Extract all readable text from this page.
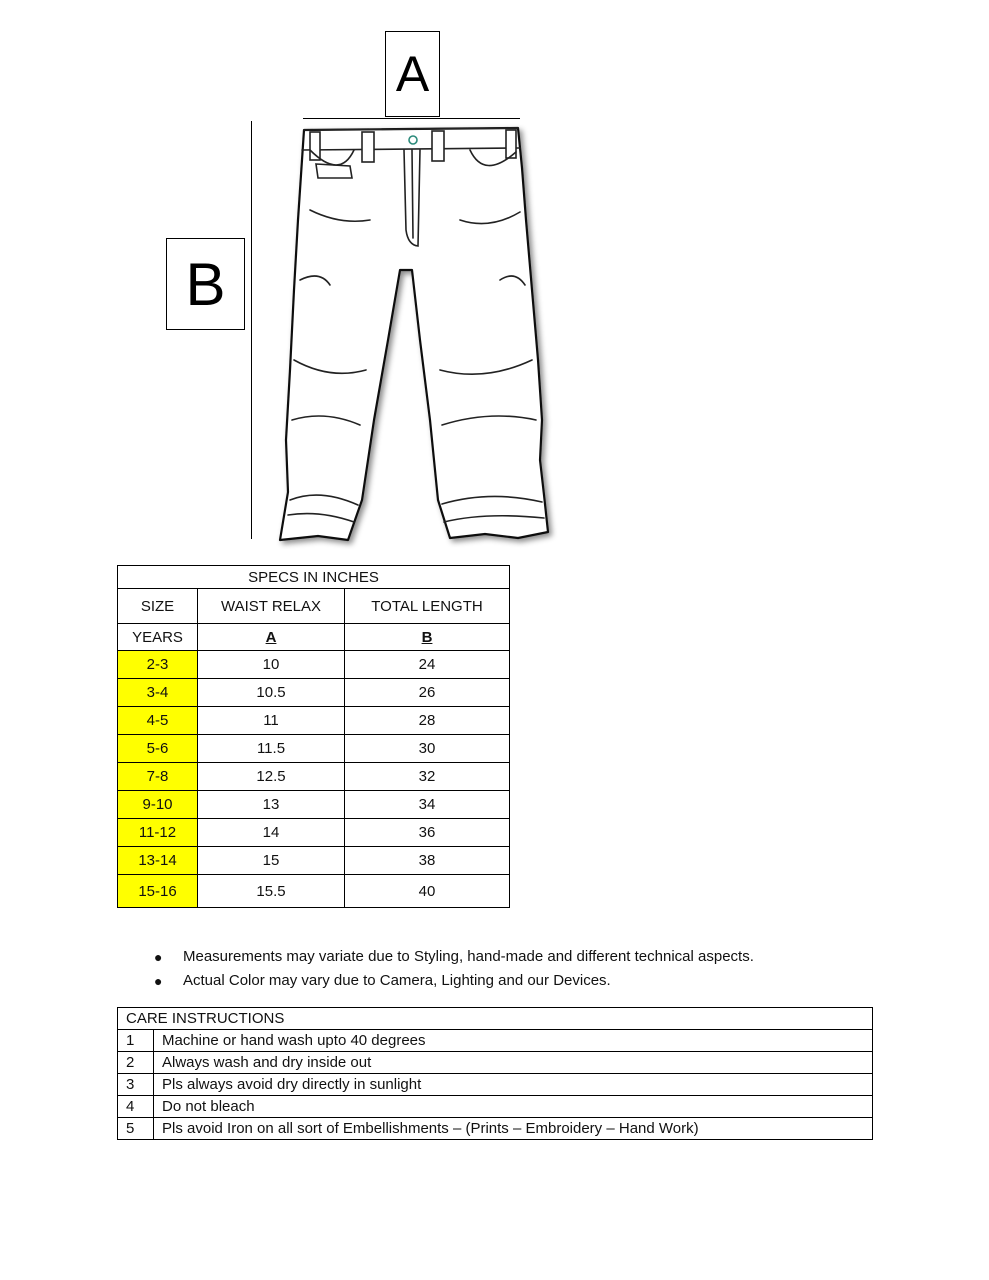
A
B
SPECS IN INCHES		
SIZE	WAIST RELAX	TOTAL LENGTH
YEARS	A	B
2-3	10	24
3-4	10.5	26
4-5	11	28
5-6	11.5	30
7-8	12.5	32
9-10	13	34
11-12	14	36
13-14	15	38
15-16	15.5	40
● Measurements may variate due to Styling, hand-made and different technical aspects.
● Actual Color may vary due to Camera, Lighting and our Devices.
CARE INSTRUCTIONS	
1	Machine or hand wash upto 40 degrees
2	Always wash and dry inside out
3	Pls always avoid dry directly in sunlight
4	Do not bleach
5	Pls avoid Iron on all sort of Embellishments – (Prints – Embroidery – Hand Work)
